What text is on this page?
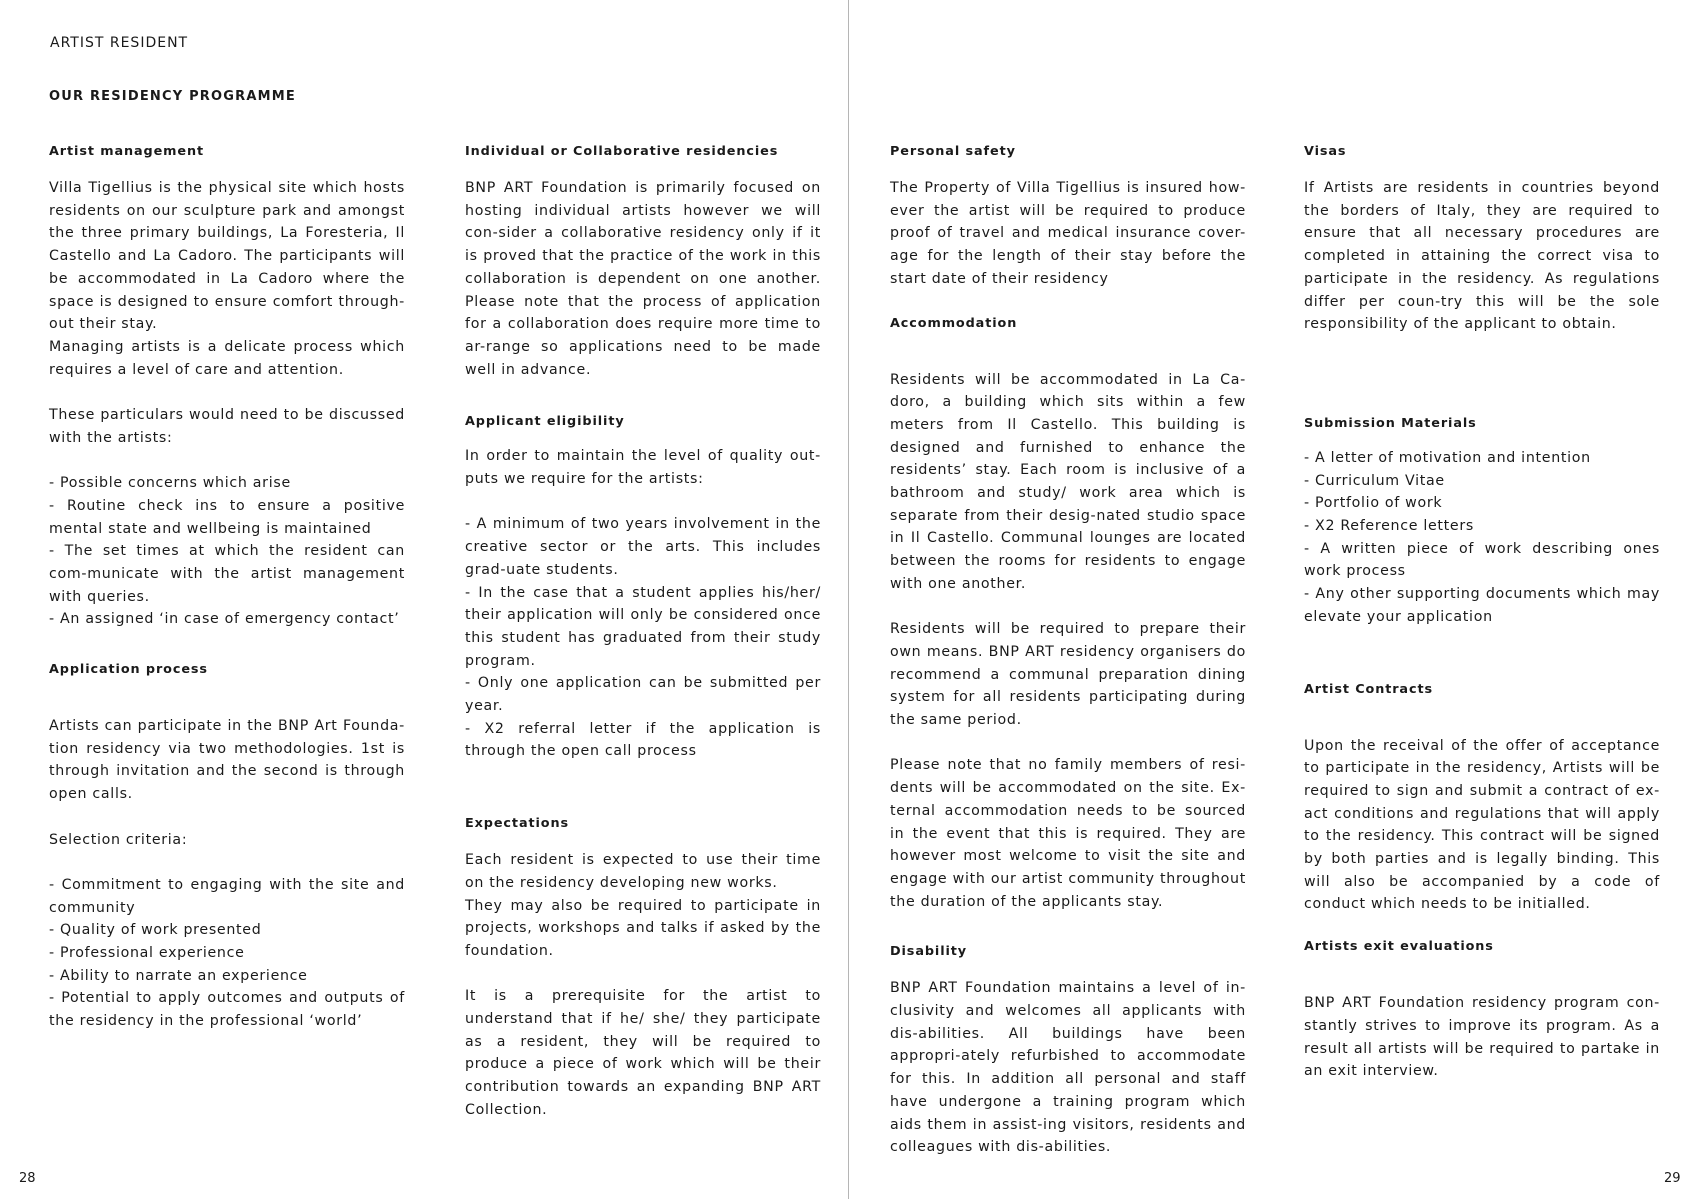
ARTIST RESIDENT
OUR RESIDENCY PROGRAMME
Artist management

Villa Tigellius is the physical site which hosts residents on our sculpture park and amongst the three primary buildings, La Foresteria, Il Castello and La Cadoro. The participants will be accommodated in La Cadoro where the space is designed to ensure comfort through-out their stay.

Managing artists is a delicate process which requires a level of care and attention.

These particulars would need to be discussed with the artists:

- Possible concerns which arise

- Routine check ins to ensure a positive mental state and wellbeing is maintained

- The set times at which the resident can com-municate with the artist management with queries.

- An assigned ‘in case of emergency contact’

Application process

Artists can participate in the BNP Art Founda-tion residency via two methodologies. 1st is through invitation and the second is through open calls.

Selection criteria:

- Commitment to engaging with the site and community

- Quality of work presented

- Professional experience

- Ability to narrate an experience

- Potential to apply outcomes and outputs of the residency in the professional ‘world’

Individual or Collaborative residencies

BNP ART Foundation is primarily focused on hosting individual artists however we will con-sider a collaborative residency only if it is proved that the practice of the work in this collaboration is dependent on one another. Please note that the process of application for a collaboration does require more time to ar-range so applications need to be made well in advance.

Applicant eligibility

In order to maintain the level of quality out-puts we require for the artists:

- A minimum of two years involvement in the creative sector or the arts. This includes grad-uate students.

- In the case that a student applies his/her/ their application will only be considered once this student has graduated from their study program.

- Only one application can be submitted per year.

- X2 referral letter if the application is through the open call process

Expectations

Each resident is expected to use their time on the residency developing new works.

They may also be required to participate in projects, workshops and talks if asked by the foundation.

It is a prerequisite for the artist to understand that if he/ she/ they participate as a resident, they will be required to produce a piece of work which will be their contribution towards an expanding BNP ART Collection.

Personal safety

The Property of Villa Tigellius is insured how-ever the artist will be required to produce proof of travel and medical insurance cover-age for the length of their stay before the start date of their residency

Accommodation

Residents will be accommodated in La Ca-doro, a building which sits within a few meters from Il Castello. This building is designed and furnished to enhance the residents’ stay. Each room is inclusive of a bathroom and study/ work area which is separate from their desig-nated studio space in Il Castello. Communal lounges are located between the rooms for residents to engage with one another.

Residents will be required to prepare their own means. BNP ART residency organisers do recommend a communal preparation dining system for all residents participating during the same period.

Please note that no family members of resi-dents will be accommodated on the site. Ex-ternal accommodation needs to be sourced in the event that this is required. They are however most welcome to visit the site and engage with our artist community throughout the duration of the applicants stay.

Disability

BNP ART Foundation maintains a level of in-clusivity and welcomes all applicants with dis-abilities. All buildings have been appropri-ately refurbished to accommodate for this. In addition all personal and staff have undergone a training program which aids them in assist-ing visitors, residents and colleagues with dis-abilities.

Visas

If Artists are residents in countries beyond the borders of Italy, they are required to ensure that all necessary procedures are completed in attaining the correct visa to participate in the residency. As regulations differ per coun-try this will be the sole responsibility of the applicant to obtain.

Submission Materials

- A letter of motivation and intention

- Curriculum Vitae

- Portfolio of work

- X2 Reference letters

- A written piece of work describing ones work process

- Any other supporting documents which may elevate your application

Artist Contracts

Upon the receival of the offer of acceptance to participate in the residency, Artists will be required to sign and submit a contract of ex-act conditions and regulations that will apply to the residency. This contract will be signed by both parties and is legally binding. This will also be accompanied by a code of conduct which needs to be initialled.

Artists exit evaluations

BNP ART Foundation residency program con-stantly strives to improve its program. As a result all artists will be required to partake in an exit interview.

28	29
